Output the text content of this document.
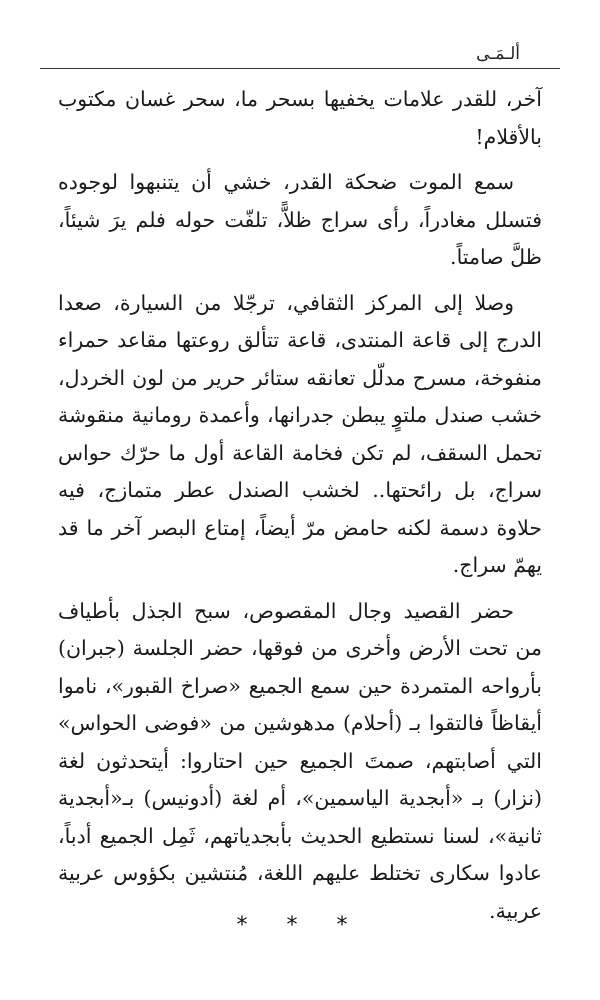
ألـمَـى

آخر، للقدر علامات يخفيها بسحر ما، سحر غسان مكتوب بالأقلام!

سمع الموت ضحكة القدر، خشي أن يتنبهوا لوجوده فتسلل مغادراً، رأى سراج ظلاًّ، تلفّت حوله فلم يرَ شيئاً، ظلَّ صامتاً.

وصلا إلى المركز الثقافي، ترجّلا من السيارة، صعدا الدرج إلى قاعة المنتدى، قاعة تتألق روعتها مقاعد حمراء منفوخة، مسرح مدلّل تعانقه ستائر حرير من لون الخردل، خشب صندل ملتوٍ يبطن جدرانها، وأعمدة رومانية منقوشة تحمل السقف، لم تكن فخامة القاعة أول ما حرّك حواس سراج، بل رائحتها.. لخشب الصندل عطر متمازج، فيه حلاوة دسمة لكنه حامض مرّ أيضاً، إمتاع البصر آخر ما قد يهمّ سراج.

حضر القصيد وجال المقصوص، سبح الجذل بأطياف من تحت الأرض وأخرى من فوقها، حضر الجلسة (جبران) بأرواحه المتمردة حين سمع الجميع «صراخ القبور»، ناموا أيقاظاً فالتقوا بـ (أحلام) مدهوشين من «فوضى الحواس» التي أصابتهم، صمتَ الجميع حين احتاروا: أيتحدثون لغة (نزار) بـ «أبجدية الياسمين»، أم لغة (أدونيس) بـ«أبجدية ثانية»، لسنا نستطيع الحديث بأبجدياتهم، ثَمِل الجميع أدباً، عادوا سكارى تختلط عليهم اللغة، مُنتشين بكؤوس عربية عربية.

* * *
